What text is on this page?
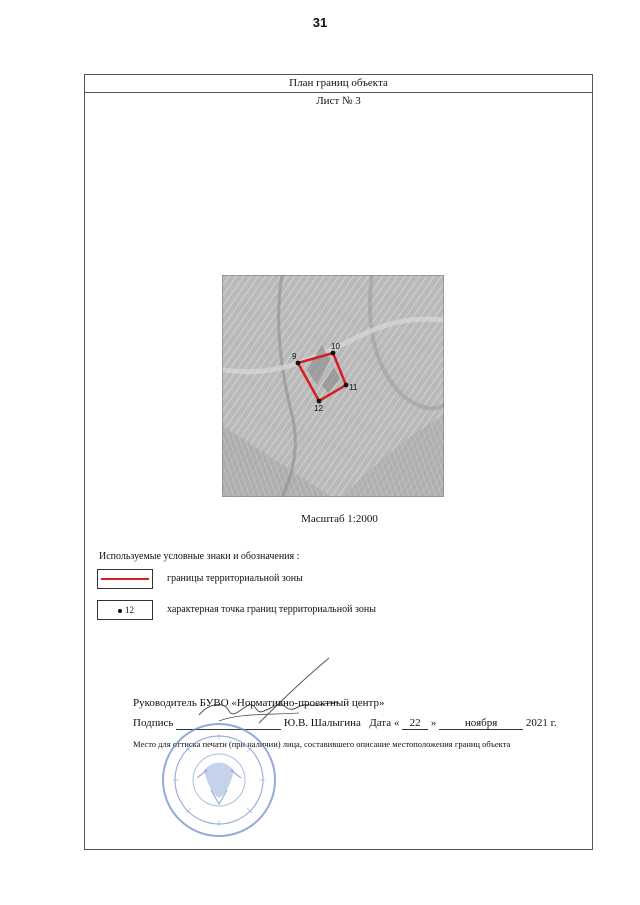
31
План границ объекта
Лист № 3
9
10
11
12
Масштаб 1:2000
Используемые условные знаки и обозначения :
границы территориальной зоны
12	характерная точка границ территориальной зоны
Руководитель БУВО «Нормативно-проектный центр»
Подпись	Ю.В. Шалыгина Дата « 22 »	ноября	2021 г.
Место для оттиска печати (при наличии) лица, составившего описание местоположения границ объекта
